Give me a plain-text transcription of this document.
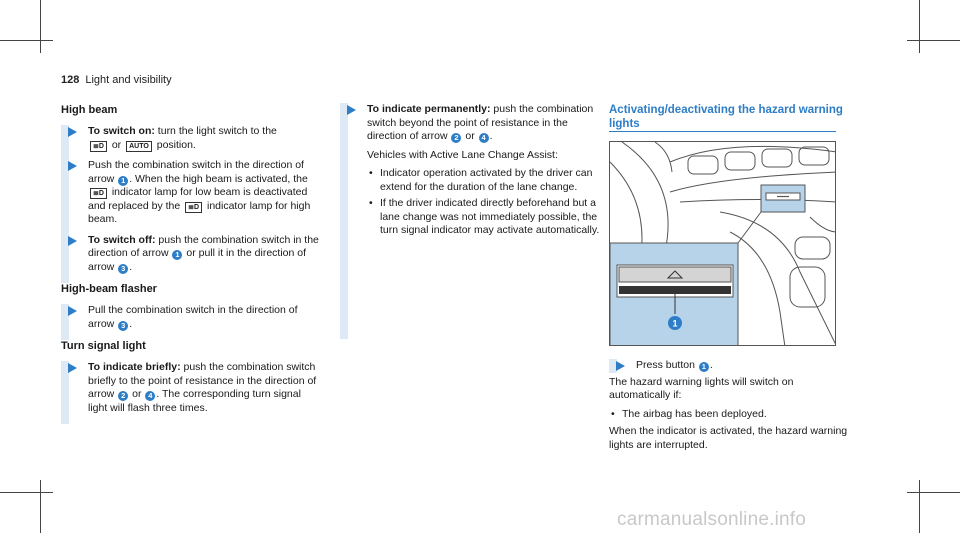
128 Light and visibility
High beam
To switch on: turn the light switch to the
≣D or AUTO position.
Push the combination switch in the direction of arrow 1 . When the high beam is activated, the ≣D indicator lamp for low beam is deactivated and replaced by the ≣D indicator lamp for high beam.
To switch off: push the combination switch in the direction of arrow 1 or pull it in the direction of arrow 3 .
High-beam flasher
Pull the combination switch in the direction of arrow 3 .
Turn signal light
To indicate briefly: push the combination switch briefly to the point of resistance in the direction of arrow 2 or 4 . The corresponding turn signal light will flash three times.
To indicate permanently: push the combination switch beyond the point of resistance in the direction of arrow 2 or 4 .
Vehicles with Active Lane Change Assist:
• Indicator operation activated by the driver can extend for the duration of the lane change.
• If the driver indicated directly beforehand but a lane change was not immediately possible, the turn signal indicator may activate automatically.
Activating/deactivating the hazard warning lights
1
Press button 1 .
The hazard warning lights will switch on automatically if:
• The airbag has been deployed.
When the indicator is activated, the hazard warning lights are interrupted.
carmanualsonline.info
